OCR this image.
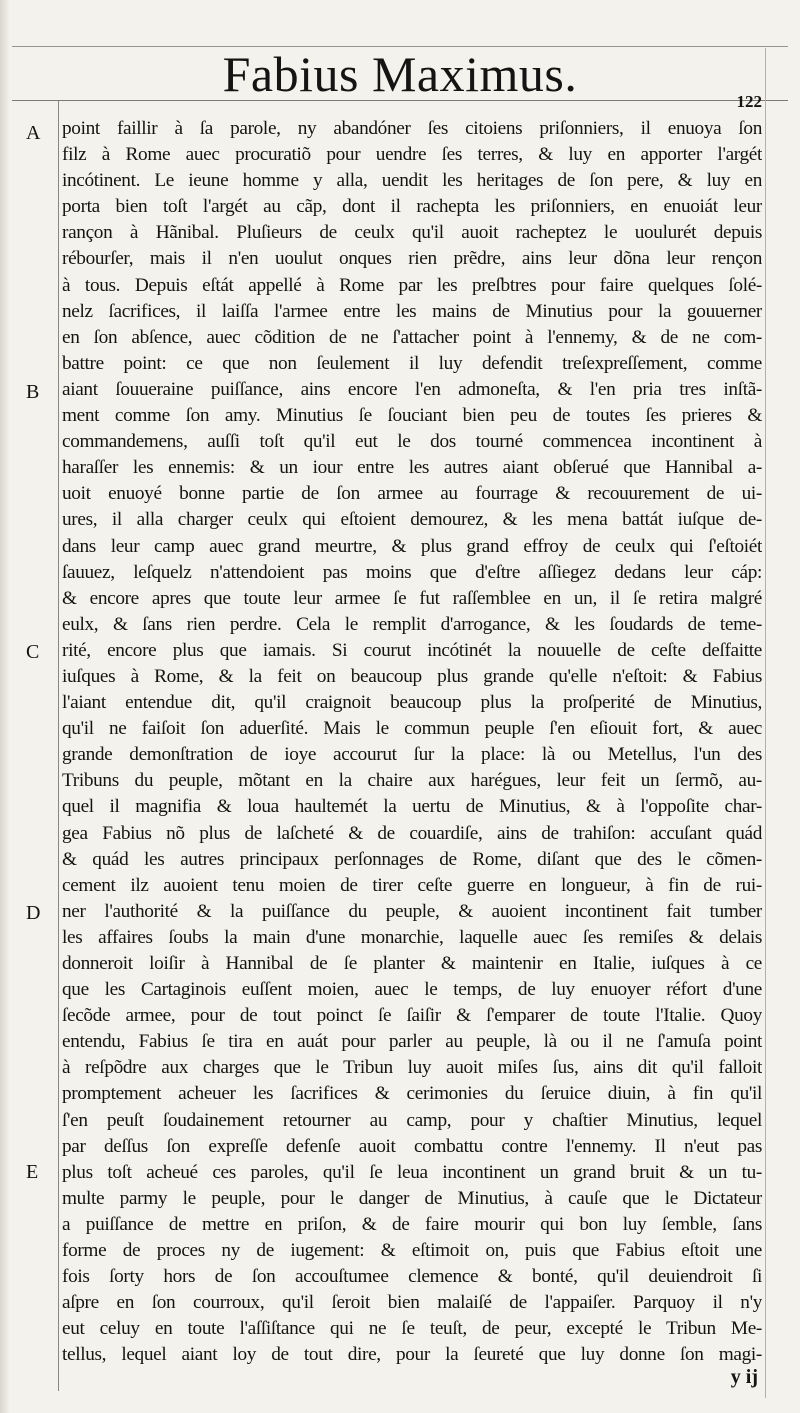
Fabius Maximus.	122
A
B
C
D
E
point faillir à ſa parole, ny abandóner ſes citoiens priſonniers, il enuoya ſon
filz à Rome auec procuratiõ pour uendre ſes terres, & luy en apporter l'argét
incótinent. Le ieune homme y alla, uendit les heritages de ſon pere, & luy en
porta bien toſt l'argét au cãp, dont il rachepta les priſonniers, en enuoiát leur
rançon à Hãnibal. Pluſieurs de ceulx qu'il auoit racheptez le uoulurét depuis
rébourſer, mais il n'en uoulut onques rien prẽdre, ains leur dõna leur rençon
à tous. Depuis eſtát appellé à Rome par les preſbtres pour faire quelques ſolé-
nelz ſacrifices, il laiſſa l'armee entre les mains de Minutius pour la gouuerner
en ſon abſence, auec cõdition de ne ſ'attacher point à l'ennemy, & de ne com-
battre point: ce que non ſeulement il luy defendit treſexpreſſement, comme
aiant ſouueraine puiſſance, ains encore l'en admoneſta, & l'en pria tres inſtã-
ment comme ſon amy. Minutius ſe ſouciant bien peu de toutes ſes prieres &
commandemens, auſſi toſt qu'il eut le dos tourné commencea incontinent à
haraſſer les ennemis: & un iour entre les autres aiant obſerué que Hannibal a-
uoit enuoyé bonne partie de ſon armee au fourrage & recouurement de ui-
ures, il alla charger ceulx qui eſtoient demourez, & les mena battát iuſque de-
dans leur camp auec grand meurtre, & plus grand effroy de ceulx qui ſ'eſtoiét
ſauuez, leſquelz n'attendoient pas moins que d'eſtre aſſiegez dedans leur cáp:
& encore apres que toute leur armee ſe fut raſſemblee en un, il ſe retira malgré
eulx, & ſans rien perdre. Cela le remplit d'arrogance, & les ſoudards de teme-
rité, encore plus que iamais. Si courut incótinét la nouuelle de ceſte deſfaitte
iuſques à Rome, & la feit on beaucoup plus grande qu'elle n'eſtoit: & Fabius
l'aiant entendue dit, qu'il craignoit beaucoup plus la proſperité de Minutius,
qu'il ne faiſoit ſon aduerſité. Mais le commun peuple ſ'en eſiouit fort, & auec
grande demonſtration de ioye accourut ſur la place: là ou Metellus, l'un des
Tribuns du peuple, mõtant en la chaire aux harégues, leur feit un ſermõ, au-
quel il magnifia & loua haultemét la uertu de Minutius, & à l'oppoſite char-
gea Fabius nõ plus de laſcheté & de couardiſe, ains de trahiſon: accuſant quád
& quád les autres principaux perſonnages de Rome, diſant que des le cõmen-
cement ilz auoient tenu moien de tirer ceſte guerre en longueur, à fin de rui-
ner l'authorité & la puiſſance du peuple, & auoient incontinent fait tumber
les affaires ſoubs la main d'une monarchie, laquelle auec ſes remiſes & delais
donneroit loiſir à Hannibal de ſe planter & maintenir en Italie, iuſques à ce
que les Cartaginois euſſent moien, auec le temps, de luy enuoyer réfort d'une
ſecõde armee, pour de tout poinct ſe ſaiſir & ſ'emparer de toute l'Italie. Quoy
entendu, Fabius ſe tira en auát pour parler au peuple, là ou il ne ſ'amuſa point
à reſpõdre aux charges que le Tribun luy auoit miſes ſus, ains dit qu'il falloit
promptement acheuer les ſacrifices & cerimonies du ſeruice diuin, à fin qu'il
ſ'en peuſt ſoudainement retourner au camp, pour y chaſtier Minutius, lequel
par deſſus ſon expreſſe defenſe auoit combattu contre l'ennemy. Il n'eut pas
plus toſt acheué ces paroles, qu'il ſe leua incontinent un grand bruit & un tu-
multe parmy le peuple, pour le danger de Minutius, à cauſe que le Dictateur
a puiſſance de mettre en priſon, & de faire mourir qui bon luy ſemble, ſans
forme de proces ny de iugement: & eſtimoit on, puis que Fabius eſtoit une
fois ſorty hors de ſon accouſtumee clemence & bonté, qu'il deuiendroit ſi
aſpre en ſon courroux, qu'il ſeroit bien malaiſé de l'appaiſer. Parquoy il n'y
eut celuy en toute l'aſſiſtance qui ne ſe teuſt, de peur, excepté le Tribun Me-
tellus, lequel aiant loy de tout dire, pour la ſeureté que luy donne ſon magi-
y ij
